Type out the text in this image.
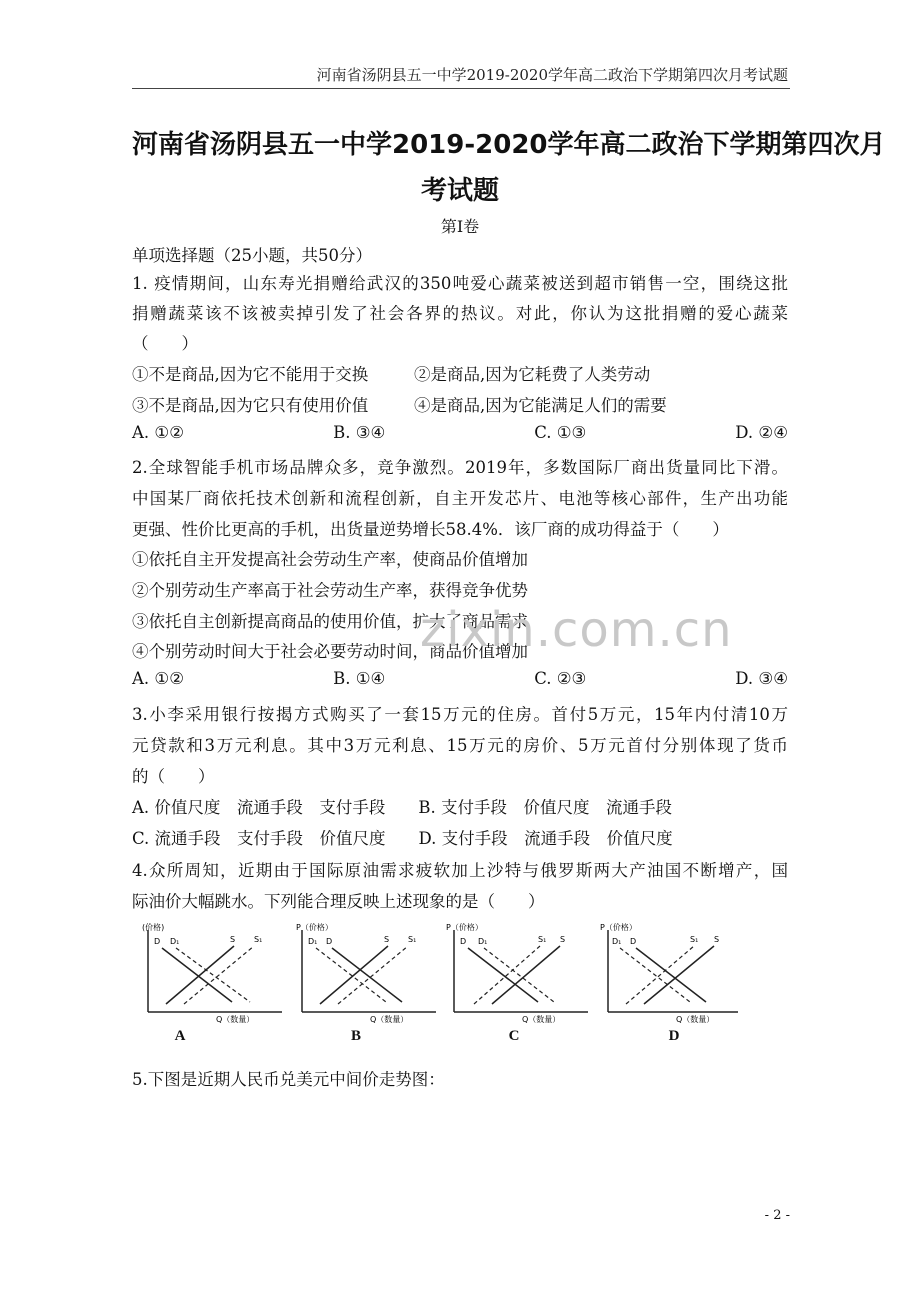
河南省汤阴县五一中学2019-2020学年高二政治下学期第四次月考试题
河南省汤阴县五一中学2019-2020学年高二政治下学期第四次月
考试题
第Ⅰ卷
单项选择题（25小题，共50分）
1. 疫情期间，山东寿光捐赠给武汉的350吨爱心蔬菜被送到超市销售一空，围绕这批
捐赠蔬菜该不该被卖掉引发了社会各界的热议。对此，你认为这批捐赠的爱心蔬菜
（　　）
①不是商品,因为它不能用于交换	②是商品,因为它耗费了人类劳动
③不是商品,因为它只有使用价值	④是商品,因为它能满足人们的需要
A. ①②	B. ③④	C. ①③	D. ②④
2.全球智能手机市场品牌众多，竞争激烈。2019年，多数国际厂商出货量同比下滑。
中国某厂商依托技术创新和流程创新，自主开发芯片、电池等核心部件，生产出功能
更强、性价比更高的手机，出货量逆势增长58.4%．该厂商的成功得益于（　　）
①依托自主开发提高社会劳动生产率，使商品价值增加
②个别劳动生产率高于社会劳动生产率，获得竞争优势
③依托自主创新提高商品的使用价值，扩大了商品需求
④个别劳动时间大于社会必要劳动时间，商品价值增加
A. ①②	B. ①④	C. ②③	D. ③④
zixin.com.cn
3.小李采用银行按揭方式购买了一套15万元的住房。首付5万元，15年内付清10万
元贷款和3万元利息。其中3万元利息、15万元的房价、5万元首付分别体现了货币
的（　　）
A. 价值尺度　流通手段　支付手段　　B. 支付手段　价值尺度　流通手段
C. 流通手段　支付手段　价值尺度　　D. 支付手段　流通手段　价值尺度
4.众所周知，近期由于国际原油需求疲软加上沙特与俄罗斯两大产油国不断增产，国
际油价大幅跳水。下列能合理反映上述现象的是（　　）
(价格)
Q（数量）
D D₁	S S₁
P（价格）
Q（数量）
D₁ D	S S₁
P（价格）
Q（数量）
D D₁	S₁ S
P（价格）
Q（数量）
D₁ D	S₁ S
A	B	C	D
5.下图是近期人民币兑美元中间价走势图：
- 2 -
